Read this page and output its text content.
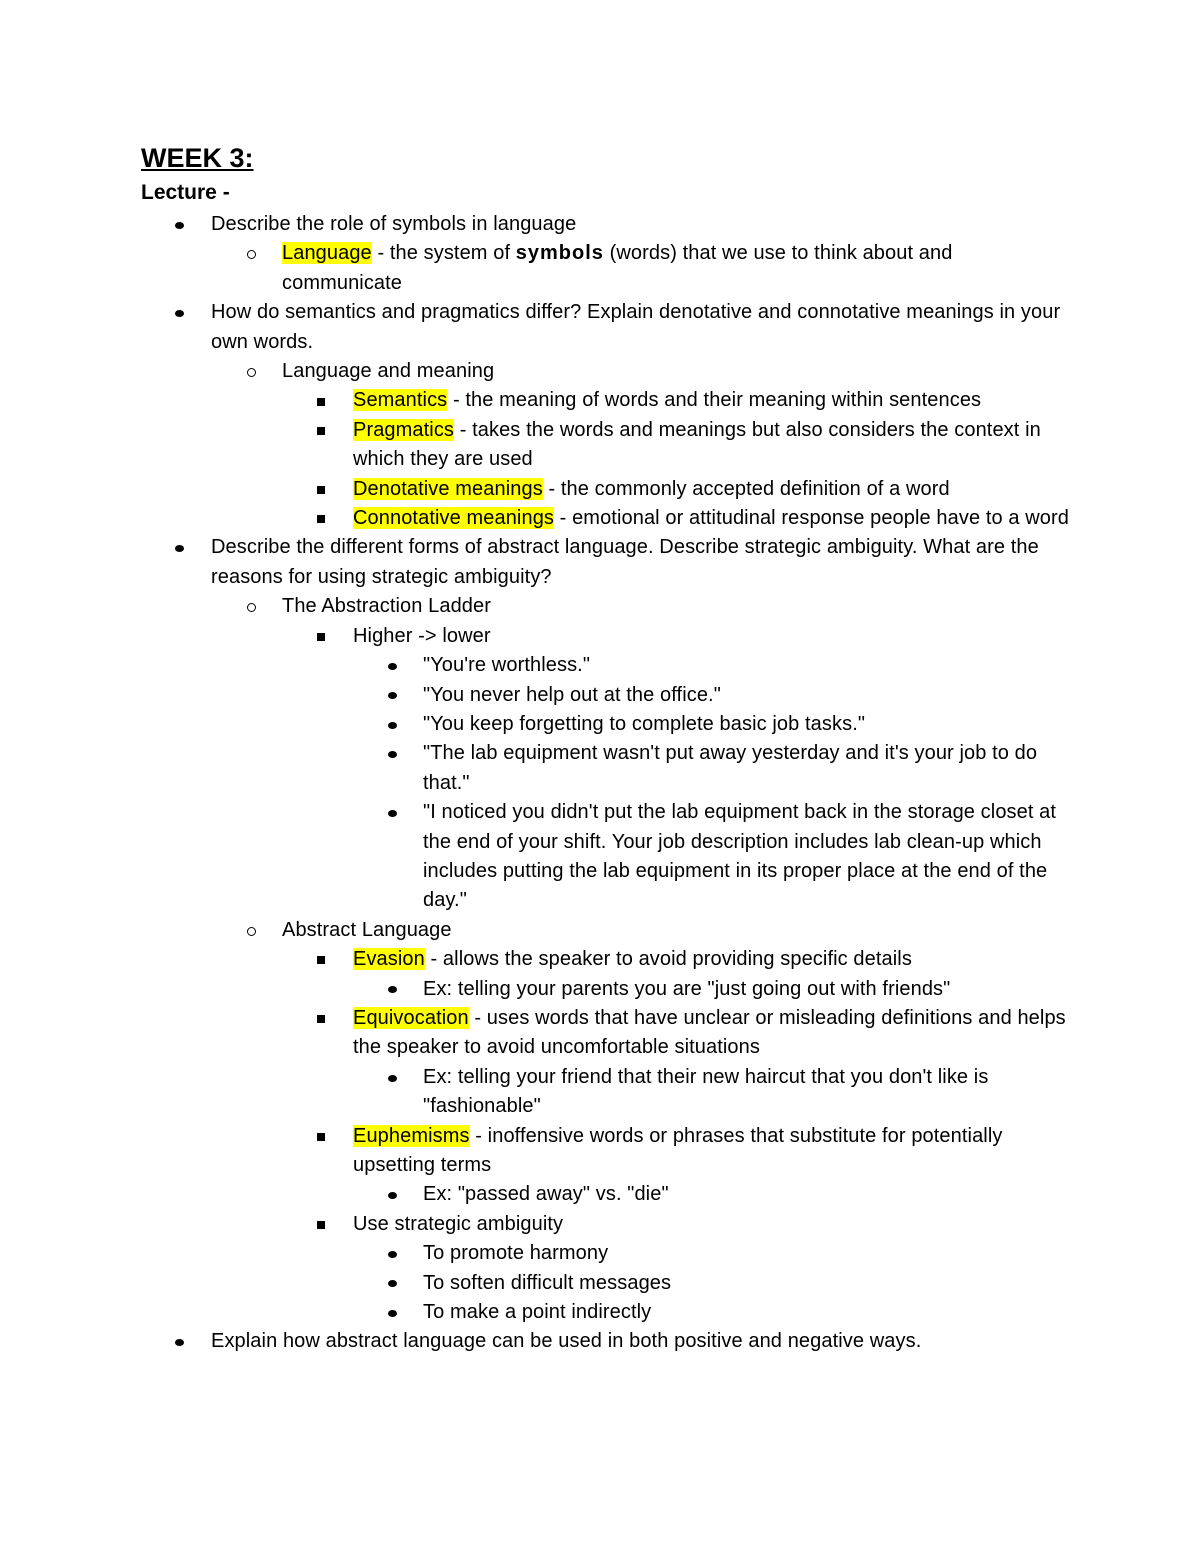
WEEK 3:
Lecture -
Describe the role of symbols in language
Language - the system of symbols (words) that we use to think about and communicate
How do semantics and pragmatics differ? Explain denotative and connotative meanings in your own words.
Language and meaning
Semantics - the meaning of words and their meaning within sentences
Pragmatics - takes the words and meanings but also considers the context in which they are used
Denotative meanings - the commonly accepted definition of a word
Connotative meanings - emotional or attitudinal response people have to a word
Describe the different forms of abstract language. Describe strategic ambiguity. What are the reasons for using strategic ambiguity?
The Abstraction Ladder
Higher -> lower
"You're worthless."
"You never help out at the office."
"You keep forgetting to complete basic job tasks."
"The lab equipment wasn't put away yesterday and it's your job to do that."
"I noticed you didn't put the lab equipment back in the storage closet at the end of your shift. Your job description includes lab clean-up which includes putting the lab equipment in its proper place at the end of the day."
Abstract Language
Evasion - allows the speaker to avoid providing specific details
Ex: telling your parents you are "just going out with friends"
Equivocation - uses words that have unclear or misleading definitions and helps the speaker to avoid uncomfortable situations
Ex: telling your friend that their new haircut that you don't like is "fashionable"
Euphemisms - inoffensive words or phrases that substitute for potentially upsetting terms
Ex: "passed away" vs. "die"
Use strategic ambiguity
To promote harmony
To soften difficult messages
To make a point indirectly
Explain how abstract language can be used in both positive and negative ways.
